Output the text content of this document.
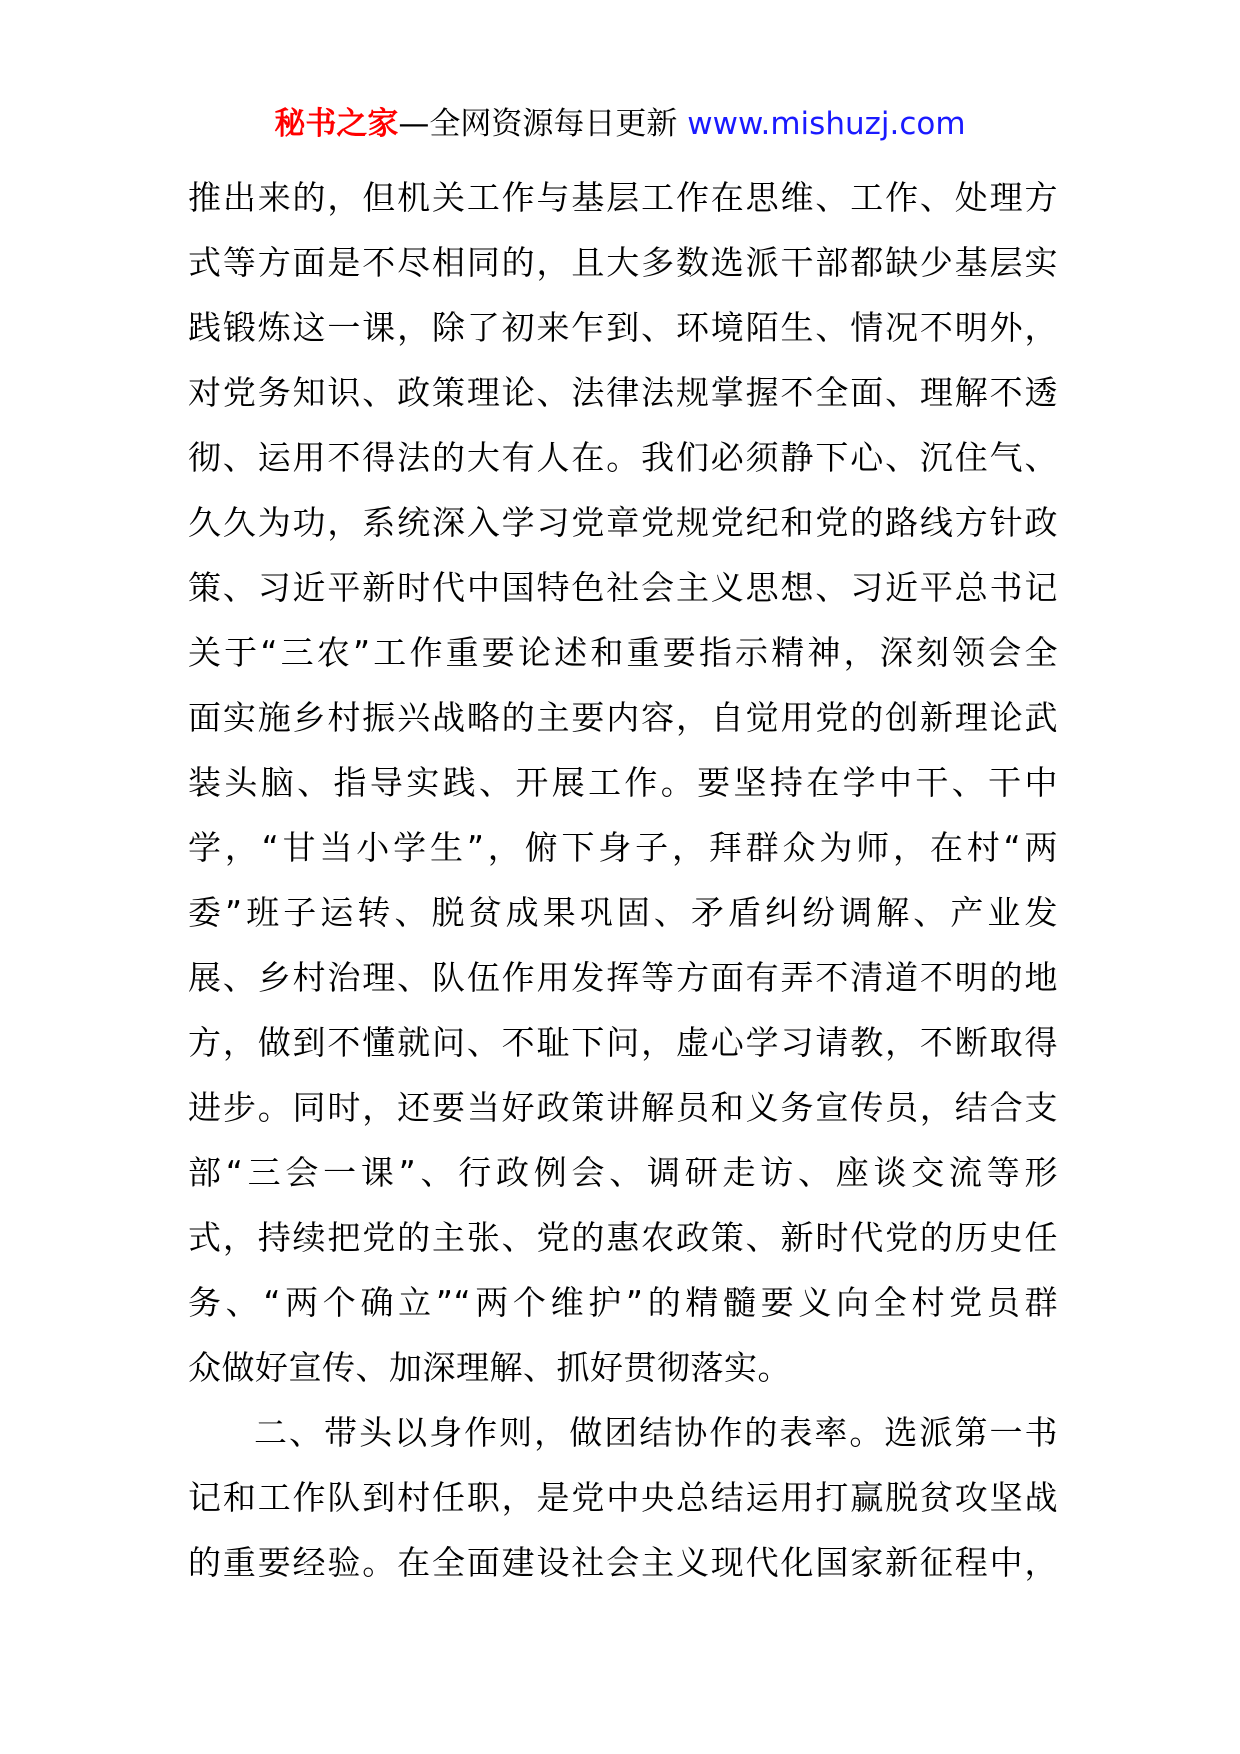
秘书之家—全网资源每日更新 www.mishuzj.com
推出来的，但机关工作与基层工作在思维、工作、处理方
式等方面是不尽相同的，且大多数选派干部都缺少基层实
践锻炼这一课，除了初来乍到、环境陌生、情况不明外，
对党务知识、政策理论、法律法规掌握不全面、理解不透
彻、运用不得法的大有人在。我们必须静下心、沉住气、
久久为功，系统深入学习党章党规党纪和党的路线方针政
策、习近平新时代中国特色社会主义思想、习近平总书记
关于“三农”工作重要论述和重要指示精神，深刻领会全
面实施乡村振兴战略的主要内容，自觉用党的创新理论武
装头脑、指导实践、开展工作。要坚持在学中干、干中
学，“甘当小学生”，俯下身子，拜群众为师，在村“两
委”班子运转、脱贫成果巩固、矛盾纠纷调解、产业发
展、乡村治理、队伍作用发挥等方面有弄不清道不明的地
方，做到不懂就问、不耻下问，虚心学习请教，不断取得
进步。同时，还要当好政策讲解员和义务宣传员，结合支
部“三会一课”、行政例会、调研走访、座谈交流等形
式，持续把党的主张、党的惠农政策、新时代党的历史任
务、“两个确立”“两个维护”的精髓要义向全村党员群
众做好宣传、加深理解、抓好贯彻落实。
二、带头以身作则，做团结协作的表率。选派第一书
记和工作队到村任职，是党中央总结运用打赢脱贫攻坚战
的重要经验。在全面建设社会主义现代化国家新征程中，
